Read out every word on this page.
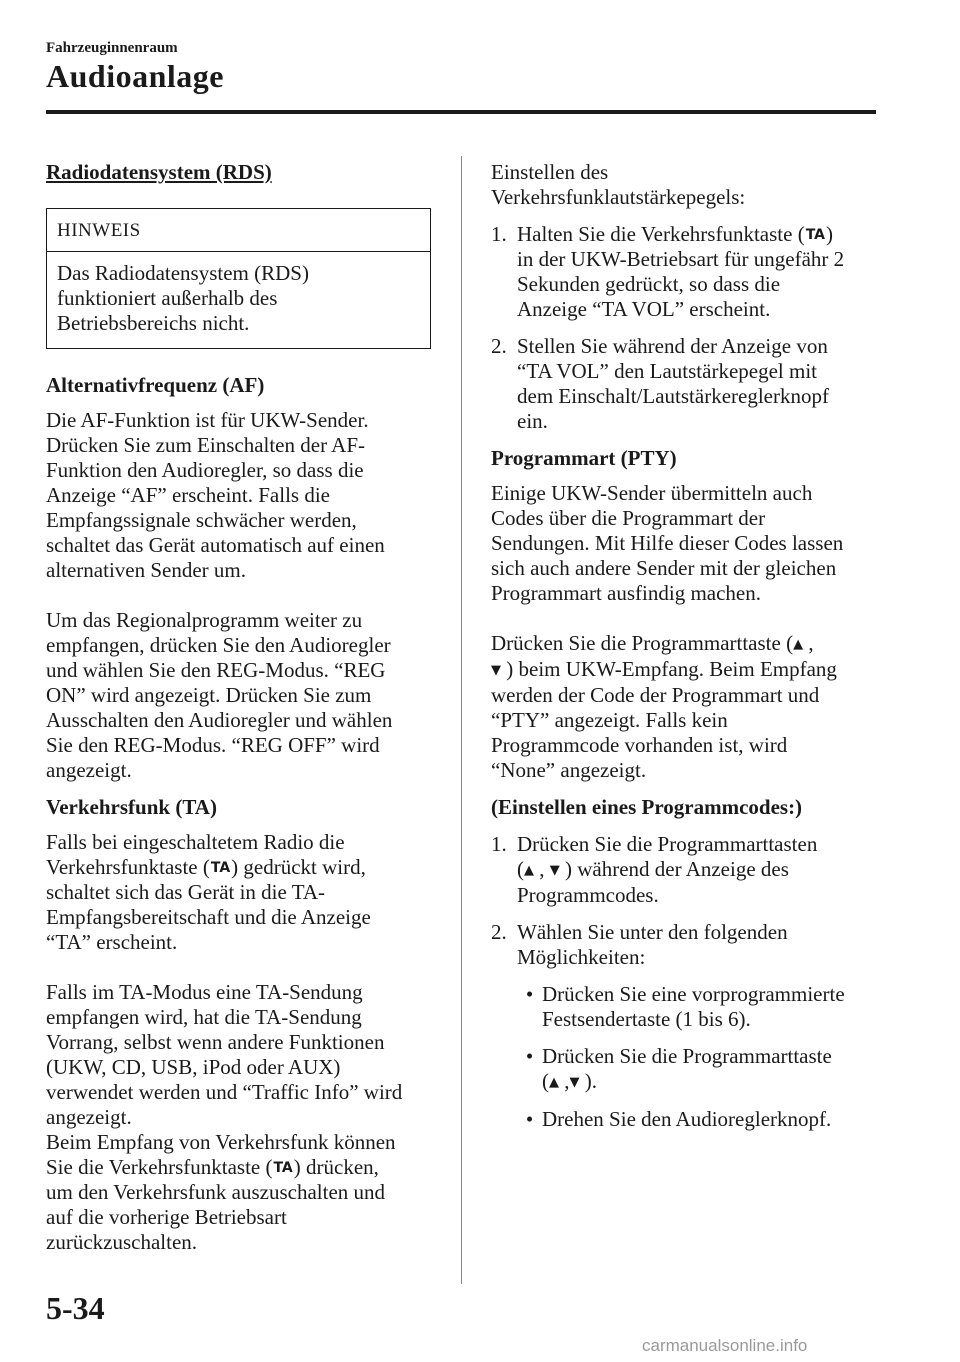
Fahrzeuginnenraum
Audioanlage
Radiodatensystem (RDS)
HINWEIS
Das Radiodatensystem (RDS)
funktioniert außerhalb des
Betriebsbereichs nicht.
Alternativfrequenz (AF)

Die AF-Funktion ist für UKW-Sender.
Drücken Sie zum Einschalten der AF-
Funktion den Audioregler, so dass die
Anzeige “AF” erscheint. Falls die
Empfangssignale schwächer werden,
schaltet das Gerät automatisch auf einen
alternativen Sender um.

Um das Regionalprogramm weiter zu
empfangen, drücken Sie den Audioregler
und wählen Sie den REG-Modus. “REG
ON” wird angezeigt. Drücken Sie zum
Ausschalten den Audioregler und wählen
Sie den REG-Modus. “REG OFF” wird
angezeigt.

Verkehrsfunk (TA)

Falls bei eingeschaltetem Radio die
Verkehrsfunktaste (TA) gedrückt wird,
schaltet sich das Gerät in die TA-
Empfangsbereitschaft und die Anzeige
“TA” erscheint.

Falls im TA-Modus eine TA-Sendung
empfangen wird, hat die TA-Sendung
Vorrang, selbst wenn andere Funktionen
(UKW, CD, USB, iPod oder AUX)
verwendet werden und “Traffic Info” wird
angezeigt.

Beim Empfang von Verkehrsfunk können
Sie die Verkehrsfunktaste (TA) drücken,
um den Verkehrsfunk auszuschalten und
auf die vorherige Betriebsart
zurückzuschalten.

Einstellen des
Verkehrsfunklautstärkepegels:

1. Halten Sie die Verkehrsfunktaste (TA)
in der UKW-Betriebsart für ungefähr 2
Sekunden gedrückt, so dass die
Anzeige “TA VOL” erscheint.
2. Stellen Sie während der Anzeige von
“TA VOL” den Lautstärkepegel mit
dem Einschalt/Lautstärkereglerknopf
ein.
Programmart (PTY)

Einige UKW-Sender übermitteln auch
Codes über die Programmart der
Sendungen. Mit Hilfe dieser Codes lassen
sich auch andere Sender mit der gleichen
Programmart ausfindig machen.

Drücken Sie die Programmarttaste (▲ ,
▼ ) beim UKW-Empfang. Beim Empfang
werden der Code der Programmart und
“PTY” angezeigt. Falls kein
Programmcode vorhanden ist, wird
“None” angezeigt.

(Einstellen eines Programmcodes:)
1. Drücken Sie die Programmarttasten
(▲ , ▼ ) während der Anzeige des
Programmcodes.
2. Wählen Sie unter den folgenden
Möglichkeiten:
• Drücken Sie eine vorprogrammierte
Festsendertaste (1 bis 6).
• Drücken Sie die Programmarttaste
(▲ ,▼ ).
• Drehen Sie den Audioreglerknopf.
5-34
carmanualsonline.info
